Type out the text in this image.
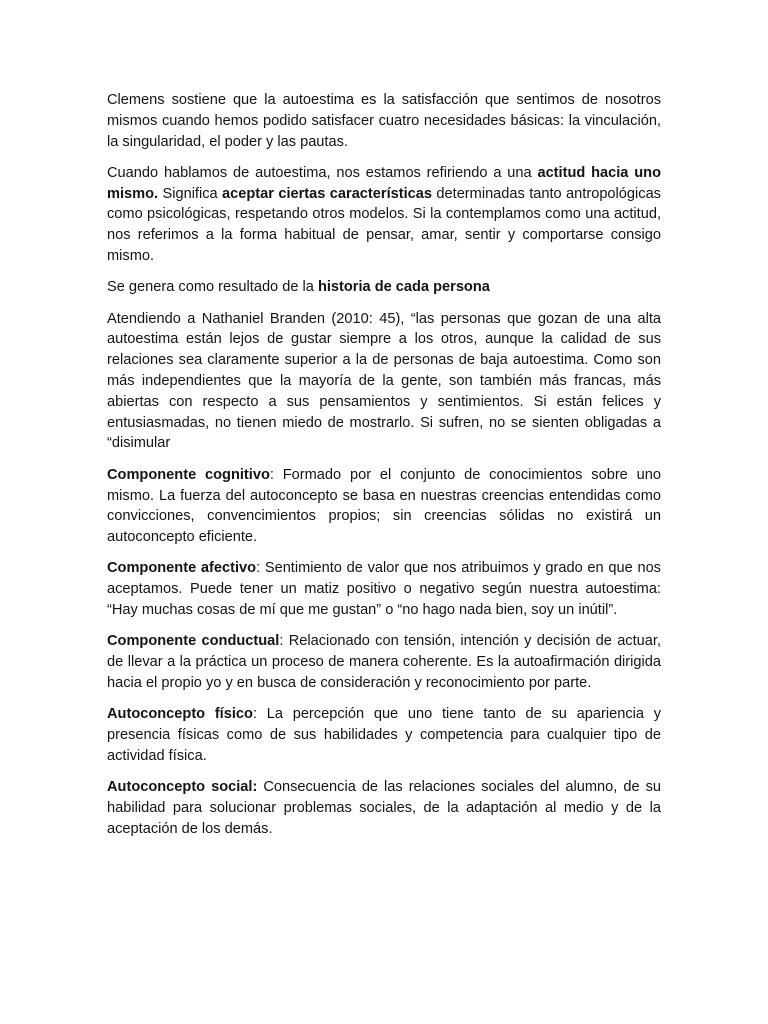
Clemens sostiene que la autoestima es la satisfacción que sentimos de nosotros mismos cuando hemos podido satisfacer cuatro necesidades básicas: la vinculación, la singularidad, el poder y las pautas.

Cuando hablamos de autoestima, nos estamos refiriendo a una actitud hacia uno mismo. Significa aceptar ciertas características determinadas tanto antropológicas como psicológicas, respetando otros modelos. Si la contemplamos como una actitud, nos referimos a la forma habitual de pensar, amar, sentir y comportarse consigo mismo.

Se genera como resultado de la historia de cada persona

Atendiendo a Nathaniel Branden (2010: 45), “las personas que gozan de una alta autoestima están lejos de gustar siempre a los otros, aunque la calidad de sus relaciones sea claramente superior a la de personas de baja autoestima. Como son más independientes que la mayoría de la gente, son también más francas, más abiertas con respecto a sus pensamientos y sentimientos. Si están felices y entusiasmadas, no tienen miedo de mostrarlo. Si sufren, no se sienten obligadas a “disimular

Componente cognitivo: Formado por el conjunto de conocimientos sobre uno mismo. La fuerza del autoconcepto se basa en nuestras creencias entendidas como convicciones, convencimientos propios; sin creencias sólidas no existirá un autoconcepto eficiente.

Componente afectivo: Sentimiento de valor que nos atribuimos y grado en que nos aceptamos. Puede tener un matiz positivo o negativo según nuestra autoestima: “Hay muchas cosas de mí que me gustan” o “no hago nada bien, soy un inútil”.

Componente conductual: Relacionado con tensión, intención y decisión de actuar, de llevar a la práctica un proceso de manera coherente. Es la autoafirmación dirigida hacia el propio yo y en busca de consideración y reconocimiento por parte.

Autoconcepto físico: La percepción que uno tiene tanto de su apariencia y presencia físicas como de sus habilidades y competencia para cualquier tipo de actividad física.

Autoconcepto social: Consecuencia de las relaciones sociales del alumno, de su habilidad para solucionar problemas sociales, de la adaptación al medio y de la aceptación de los demás.
